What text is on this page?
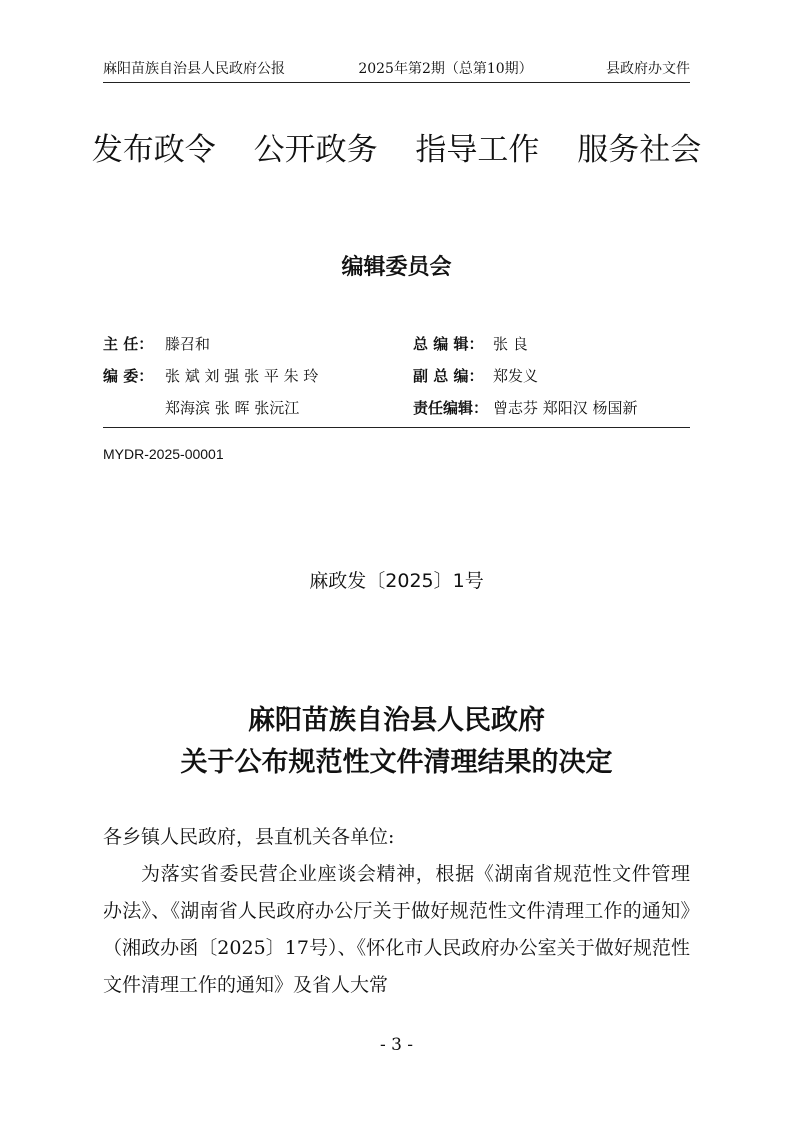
麻阳苗族自治县人民政府公报	2025年第2期（总第10期）	县政府办文件
发布政令 公开政务 指导工作 服务社会
编辑委员会
主 任： 滕召和	总 编 辑： 张 良
编 委： 张 斌 刘 强 张 平 朱 玲	副 总 编： 郑发义
郑海滨 张 晖 张沅江	责任编辑： 曾志芬 郑阳汉 杨国新
MYDR-2025-00001
麻政发〔2025〕1号
麻阳苗族自治县人民政府
关于公布规范性文件清理结果的决定

各乡镇人民政府，县直机关各单位:

为落实省委民营企业座谈会精神，根据《湖南省规范性文件管理办法》、《湖南省人民政府办公厅关于做好规范性文件清理工作的通知》（湘政办函〔2025〕17号）、《怀化市人民政府办公室关于做好规范性文件清理工作的通知》及省人大常

- 3 -
